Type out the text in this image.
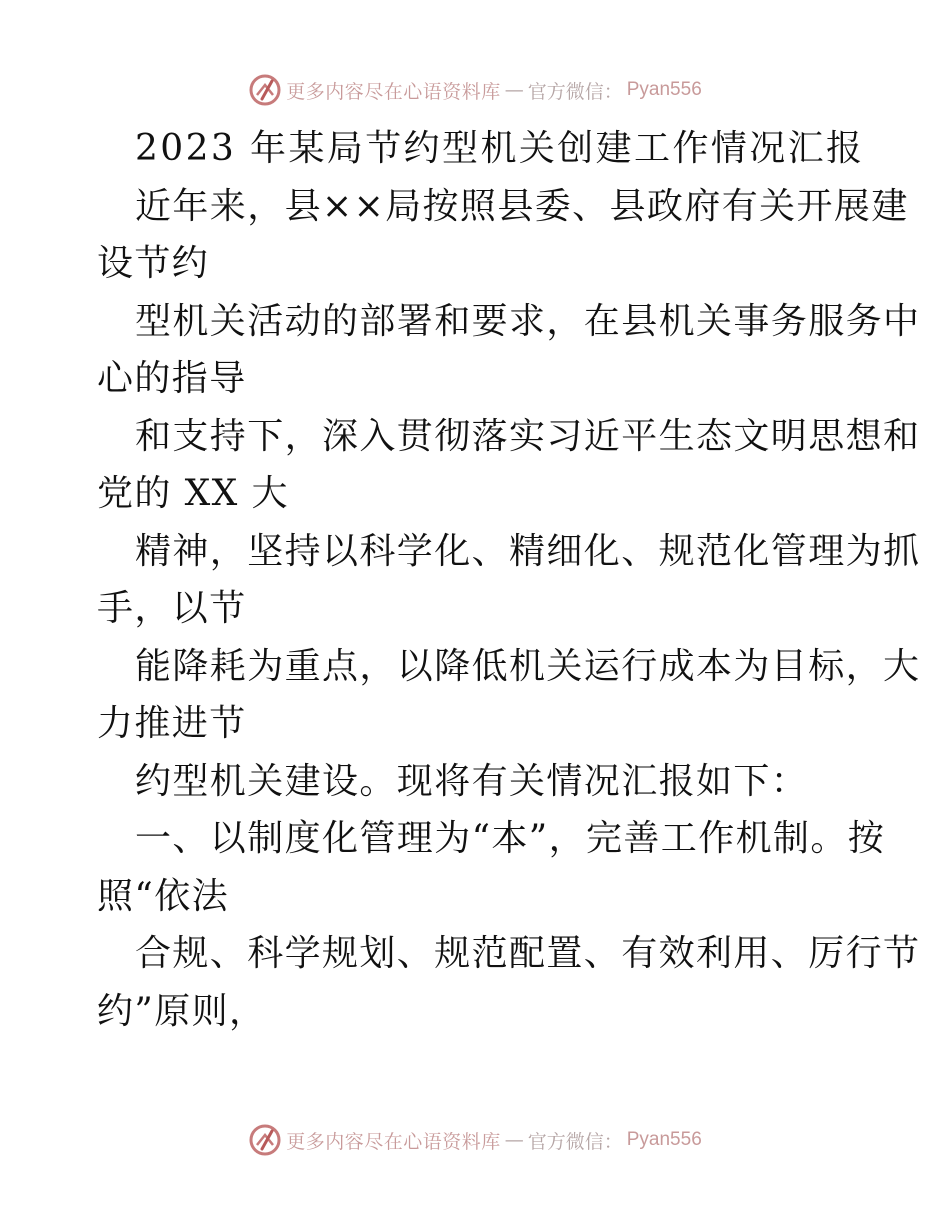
更多内容尽在心语资料库 — 官方微信： Pyan556
2023 年某局节约型机关创建工作情况汇报
近年来，县××局按照县委、县政府有关开展建
设节约
型机关活动的部署和要求，在县机关事务服务中
心的指导
和支持下，深入贯彻落实习近平生态文明思想和
党的 XX 大
精神，坚持以科学化、精细化、规范化管理为抓
手，以节
能降耗为重点，以降低机关运行成本为目标，大
力推进节
约型机关建设。现将有关情况汇报如下：
一、以制度化管理为“本”，完善工作机制。按
照“依法
合规、科学规划、规范配置、有效利用、厉行节
约”原则，
更多内容尽在心语资料库 — 官方微信： Pyan556
